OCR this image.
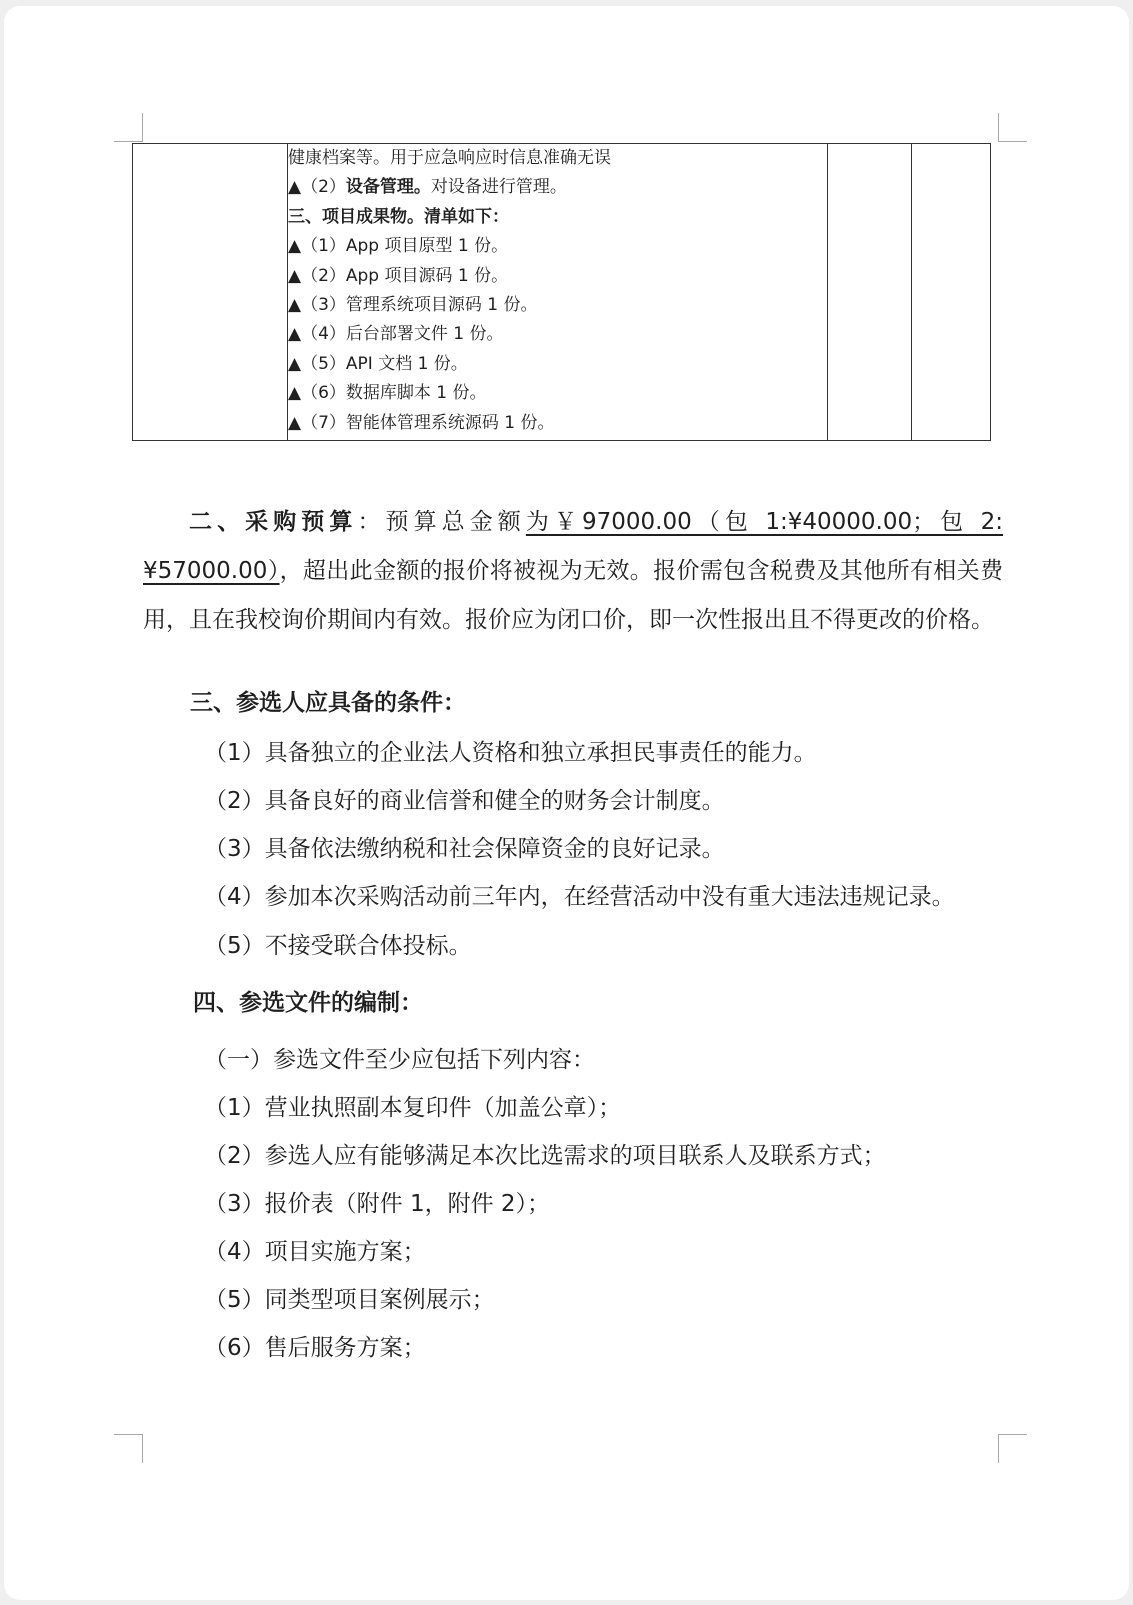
健康档案等。用于应急响应时信息准确无误
▲（2）设备管理。对设备进行管理。
三、项目成果物。清单如下：
▲（1）App 项目原型 1 份。
▲（2）App 项目源码 1 份。
▲（3）管理系统项目源码 1 份。
▲（4）后台部署文件 1 份。
▲（5）API 文档 1 份。
▲（6）数据库脚本 1 份。
▲（7）智能体管理系统源码 1 份。

二、采购预算：预算总金额为￥97000.00（包 1:¥40000.00；包 2:¥57000.00），超出此金额的报价将被视为无效。报价需包含税费及其他所有相关费用，且在我校询价期间内有效。报价应为闭口价，即一次性报出且不得更改的价格。
三、参选人应具备的条件：
（1）具备独立的企业法人资格和独立承担民事责任的能力。
（2）具备良好的商业信誉和健全的财务会计制度。
（3）具备依法缴纳税和社会保障资金的良好记录。
（4）参加本次采购活动前三年内，在经营活动中没有重大违法违规记录。
（5）不接受联合体投标。
四、参选文件的编制：
（一）参选文件至少应包括下列内容：
（1）营业执照副本复印件（加盖公章）；
（2）参选人应有能够满足本次比选需求的项目联系人及联系方式；
（3）报价表（附件 1，附件 2）；
（4）项目实施方案；
（5）同类型项目案例展示；
（6）售后服务方案；
